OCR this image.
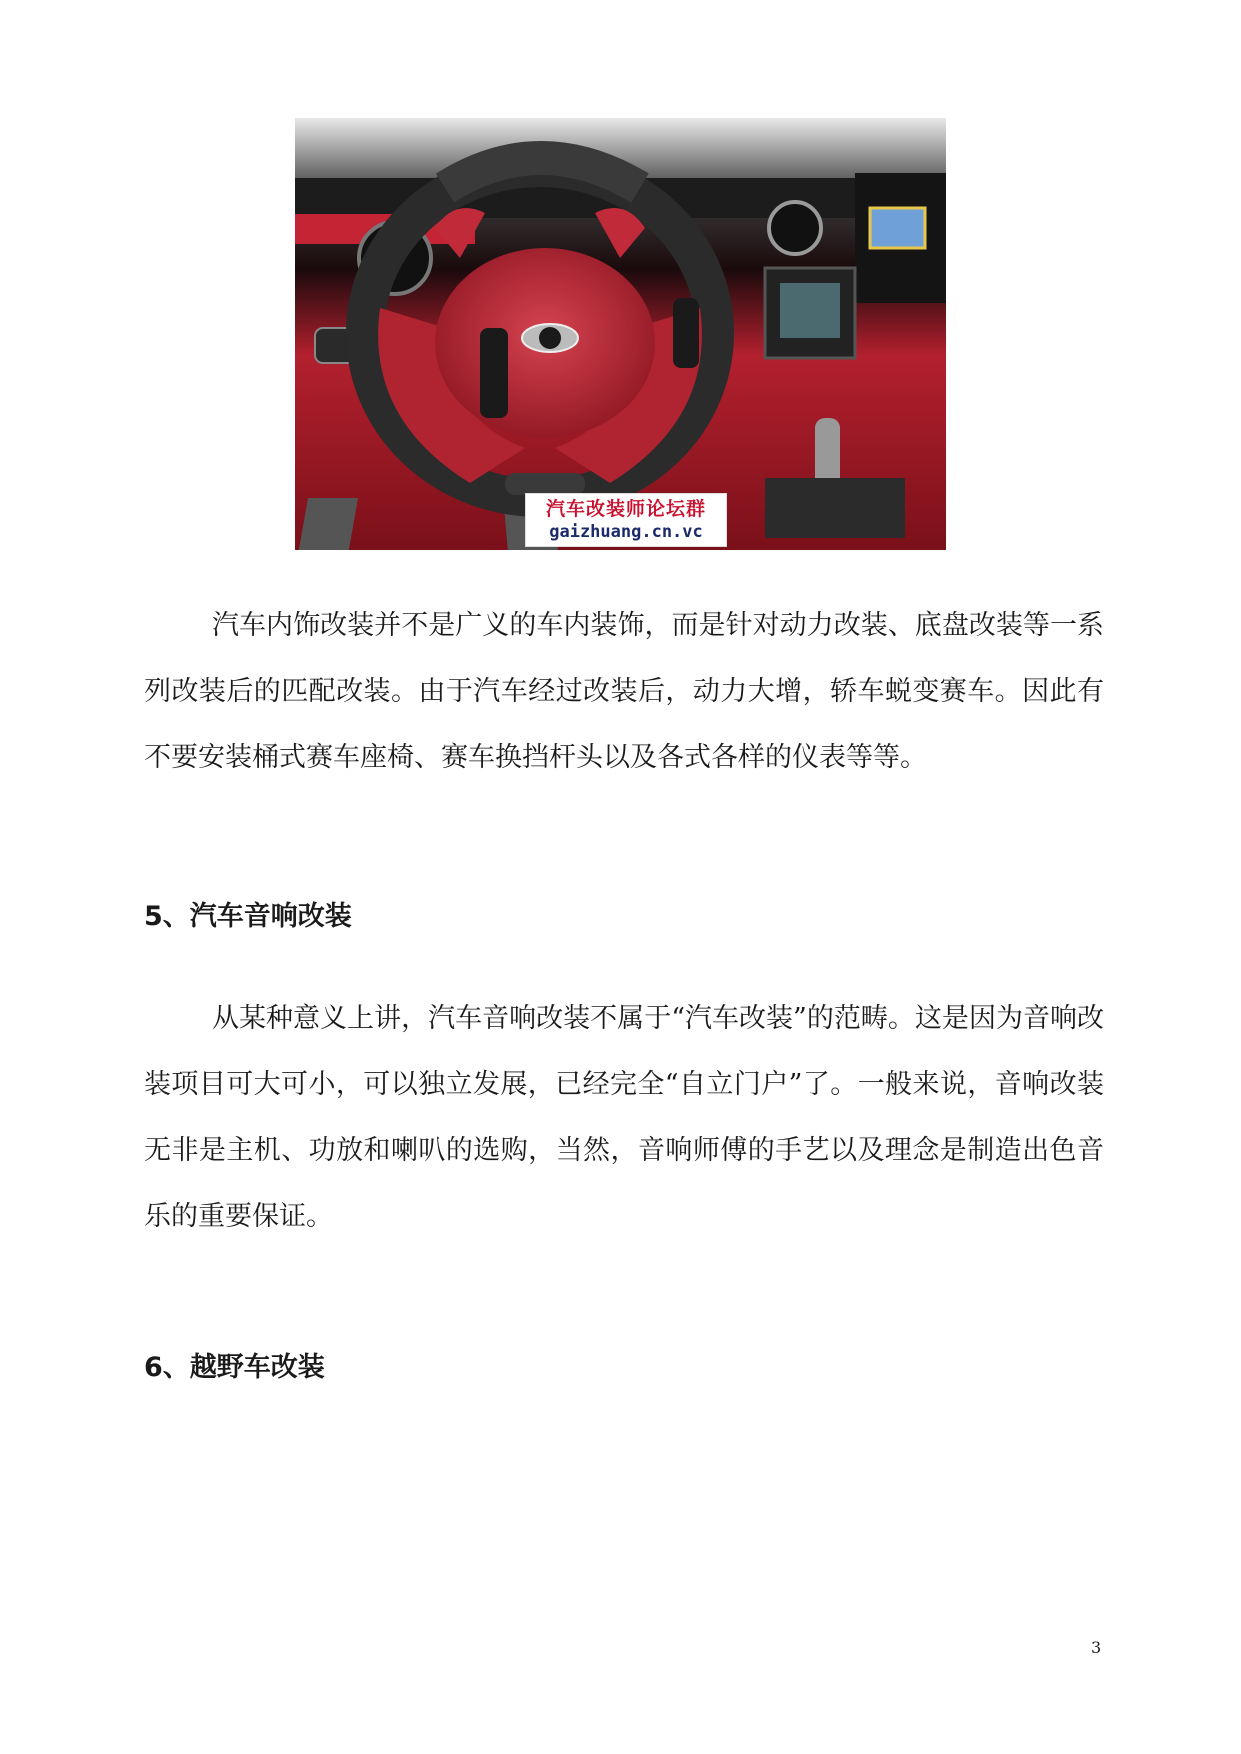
汽车改装师论坛群
gaizhuang.cn.vc

汽车内饰改装并不是广义的车内装饰，而是针对动力改装、底盘改装等一系列改装后的匹配改装。由于汽车经过改装后，动力大增，轿车蜕变赛车。因此有不要安装桶式赛车座椅、赛车换挡杆头以及各式各样的仪表等等。

5、汽车音响改装

从某种意义上讲，汽车音响改装不属于“汽车改装”的范畴。这是因为音响改装项目可大可小，可以独立发展，已经完全“自立门户”了。一般来说，音响改装无非是主机、功放和喇叭的选购，当然，音响师傅的手艺以及理念是制造出色音乐的重要保证。

6、越野车改装
3
